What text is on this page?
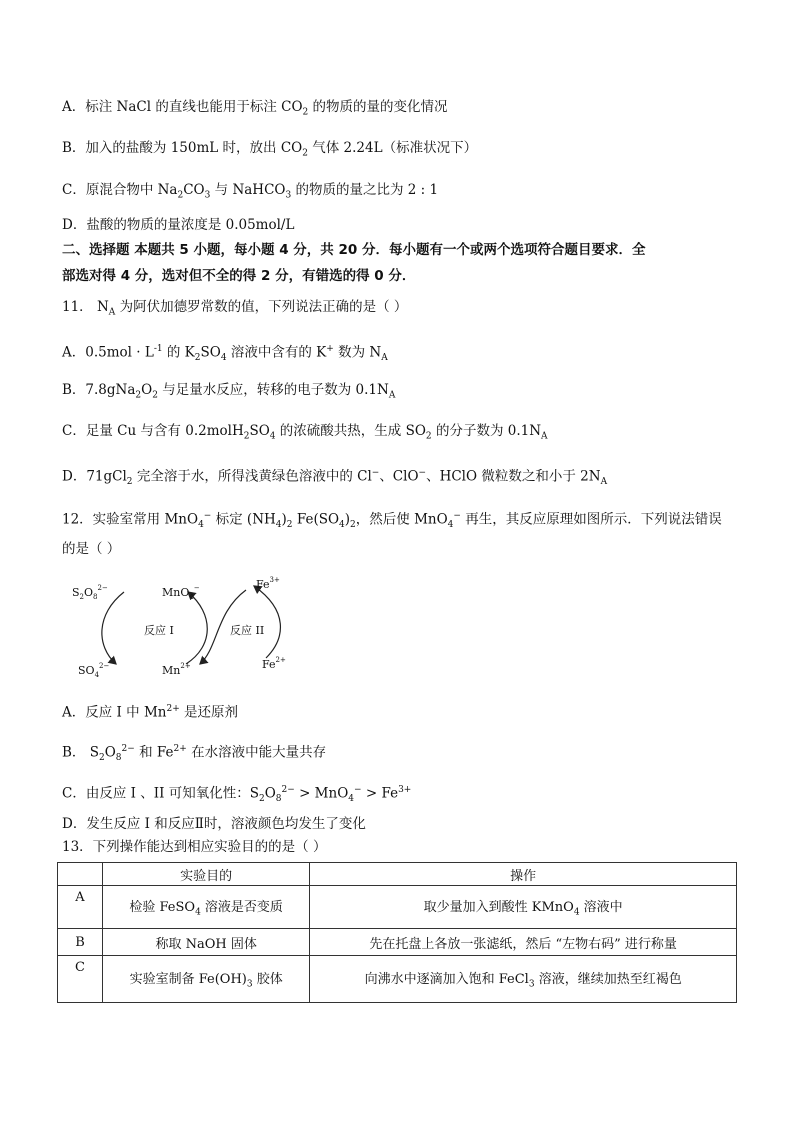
A．标注 NaCl 的直线也能用于标注 $CO_2$ 的物质的量的变化情况
B．加入的盐酸为 150mL 时，放出 $CO_2$ 气体 2.24L（标准状况下）
C．原混合物中 $Na_2CO_3$ 与 NaHCO$_3$ 的物质的量之比为 2 : 1
D．盐酸的物质的量浓度是 0.05mol/L
二、选择题 本题共 5 小题，每小题 4 分，共 20 分．每小题有一个或两个选项符合题目要求．全
部选对得 4 分，选对但不全的得 2 分，有错选的得 0 分．
11． $N_A$ 为阿伏加德罗常数的值，下列说法正确的是（ ）
A．$0.5mol \cdot L^{-1}$ 的 $K_2SO_4$ 溶液中含有的 K+ 数为 $N_A$
B．$7.8gNa_2O_2$ 与足量水反应，转移的电子数为 $0.1N_A$
C．足量 Cu 与含有 $0.2molH_2SO_4$ 的浓硫酸共热，生成 $SO_2$ 的分子数为 $0.1N_A$
D．71gCl$_2$ 完全溶于水，所得浅黄绿色溶液中的 Cl−、ClO−、HClO 微粒数之和小于 $2N_A$
12．实验室常用 MnO$_4$− 标定 $(NH_4)_2$ $Fe(SO_4)_2$，然后使 MnO$_4$− 再生，其反应原理如图所示．下列说法错误
的是（ ）
$S_2O_8^{2-}$
$SO_4^{2-}$
MnO$_4$−
$Mn^{2+}$
$Fe^{3+}$
$Fe^{2+}$
反应 I	反应 II
A．反应 I 中 $Mn^{2+}$ 是还原剂
B． $S_2O_8^{2-}$ 和 $Fe^{2+}$ 在水溶液中能大量共存
C．由反应 I 、II 可知氧化性：$S_2O_8^{2-} > MnO_4^- > Fe^{3+}$
D．发生反应 I 和反应Ⅱ时，溶液颜色均发生了变化
13．下列操作能达到相应实验目的的是（ ）
	实验目的	操作
A	检验 FeSO$_4$ 溶液是否变质	取少量加入到酸性 KMnO$_4$ 溶液中
B	称取 NaOH 固体	先在托盘上各放一张滤纸，然后 “左物右码” 进行称量
C	实验室制备 $Fe(OH)_3$ 胶体	向沸水中逐滴加入饱和 FeCl$_3$ 溶液，继续加热至红褐色
